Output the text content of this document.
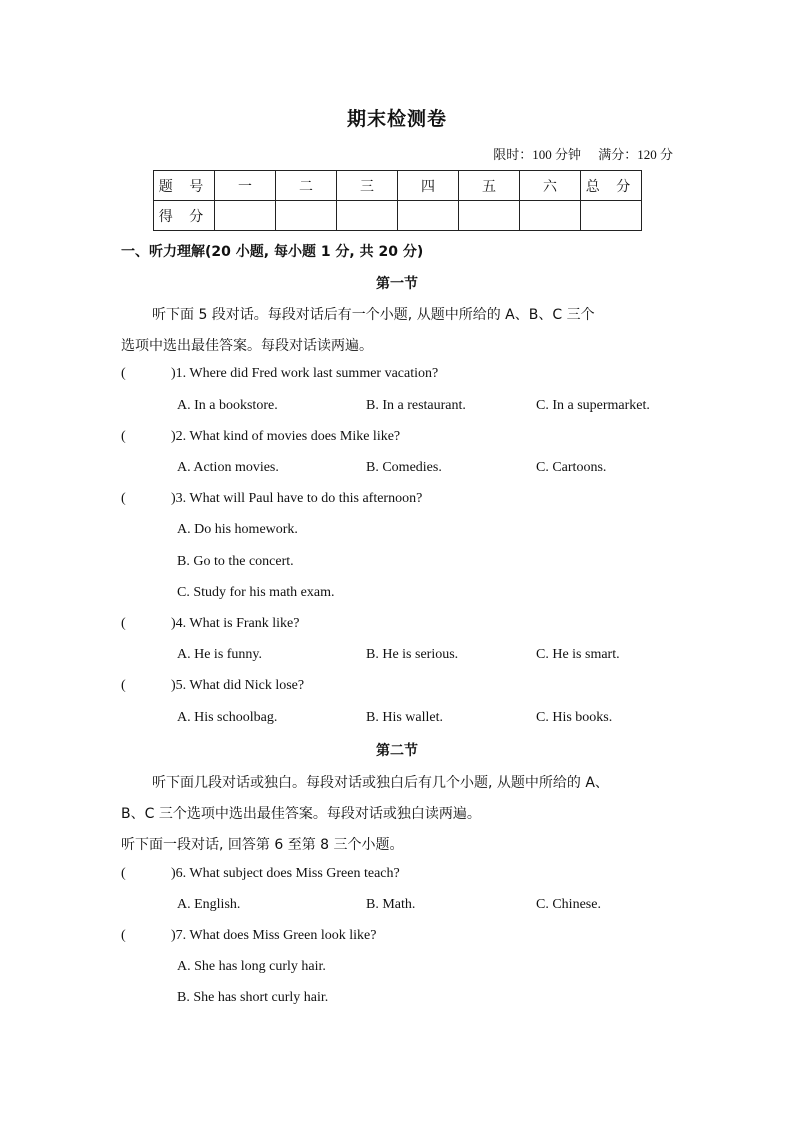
期末检测卷
限时：100 分钟 满分：120 分
题 号	一	二	三	四	五	六	总 分
得 分							
一、听力理解(20 小题, 每小题 1 分, 共 20 分)
第一节
听下面 5 段对话。每段对话后有一个小题, 从题中所给的 A、B、C 三个
选项中选出最佳答案。每段对话读两遍。
(	)1. Where did Fred work last summer vacation?
A. In a bookstore.	B. In a restaurant.	C. In a supermarket.
(	)2. What kind of movies does Mike like?
A. Action movies.	B. Comedies.	C. Cartoons.
(	)3. What will Paul have to do this afternoon?
A. Do his homework.
B. Go to the concert.
C. Study for his math exam.
(	)4. What is Frank like?
A. He is funny.	B. He is serious.	C. He is smart.
(	)5. What did Nick lose?
A. His schoolbag.	B. His wallet.	C. His books.
第二节
听下面几段对话或独白。每段对话或独白后有几个小题, 从题中所给的 A、
B、C 三个选项中选出最佳答案。每段对话或独白读两遍。
听下面一段对话, 回答第 6 至第 8 三个小题。
(	)6. What subject does Miss Green teach?
A. English.	B. Math.	C. Chinese.
(	)7. What does Miss Green look like?
A. She has long curly hair.
B. She has short curly hair.
